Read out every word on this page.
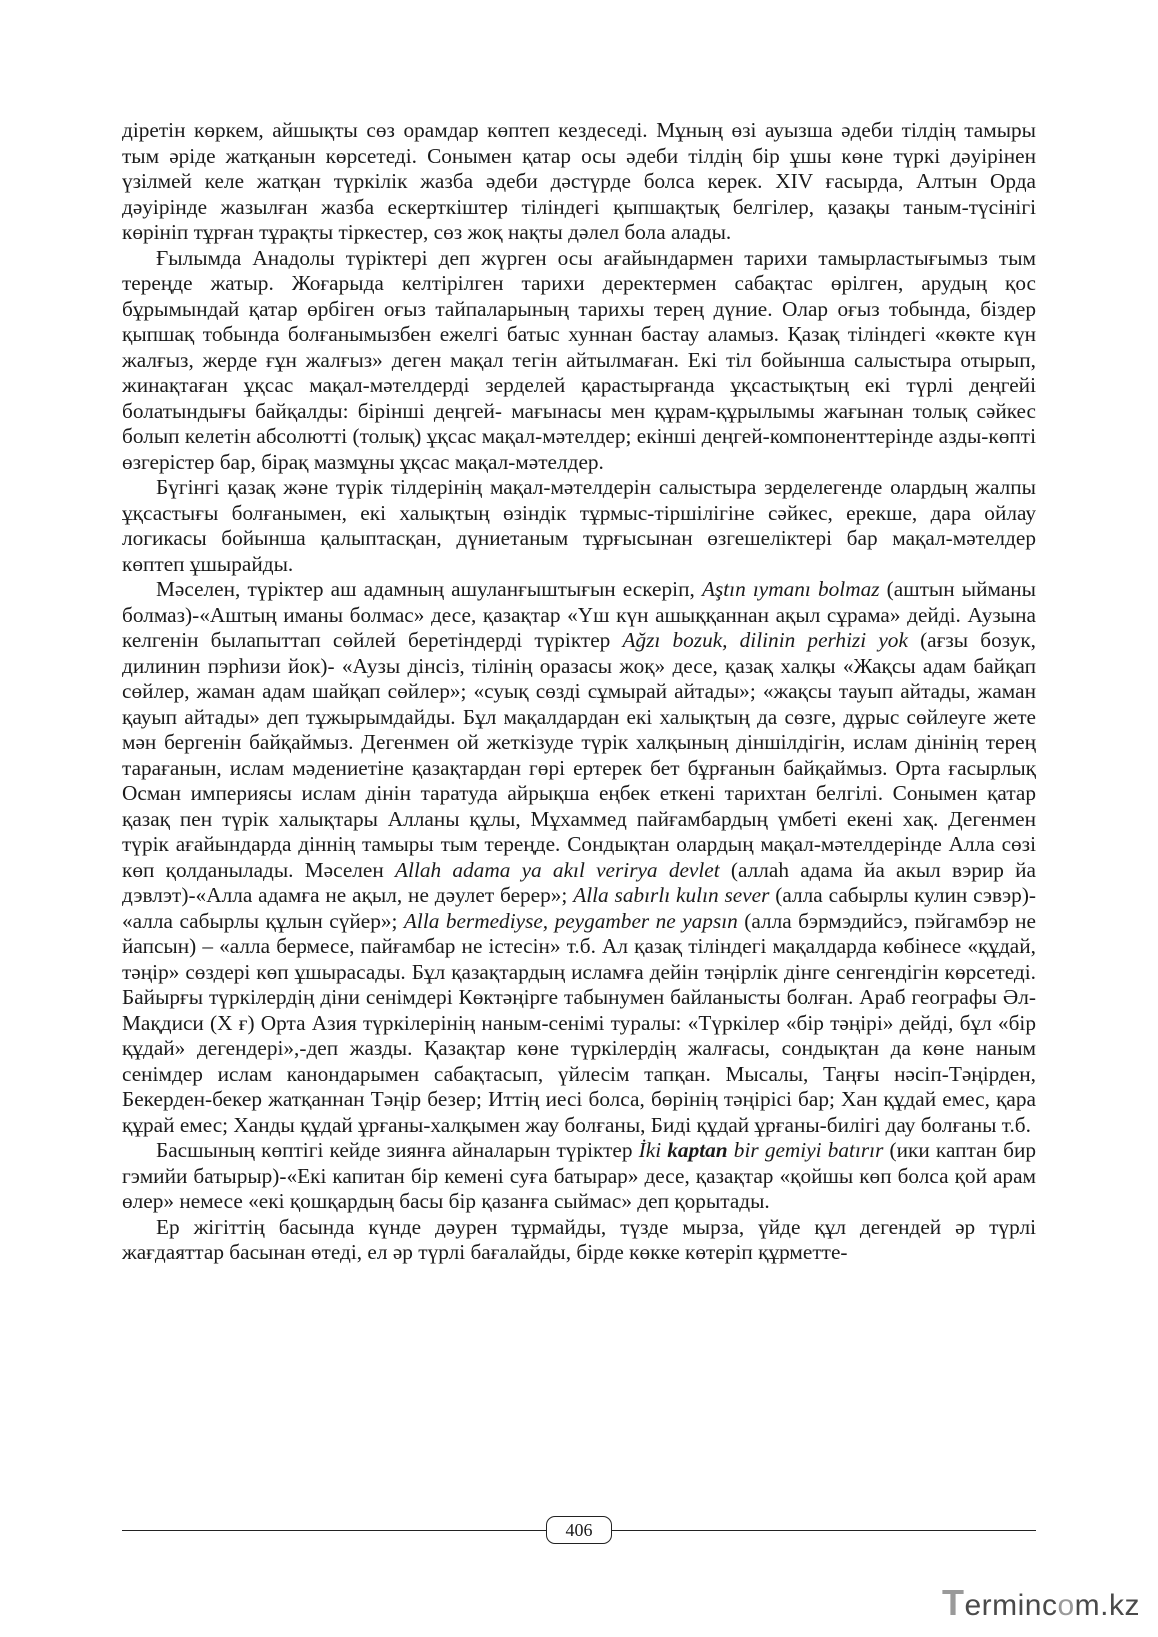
діретін көркем, айшықты сөз орамдар көптеп кездеседі. Мұның өзі ауызша әдеби тілдің тамыры тым әріде жатқанын көрсетеді. Сонымен қатар осы әдеби тілдің бір ұшы көне түркі дәуірінен үзілмей келе жатқан түркілік жазба әдеби дәстүрде болса керек. XIV ғасырда, Алтын Орда дәуірінде жазылған жазба ескерткіштер тіліндегі қыпшақтық белгілер, қазақы таным-түсінігі көрініп тұрған тұрақты тіркестер, сөз жоқ нақты дәлел бола алады.

Ғылымда Анадолы түріктері деп жүрген осы ағайындармен тарихи тамырластығымыз тым тереңде жатыр. Жоғарыда келтірілген тарихи деректермен сабақтас өрілген, арудың қос бұрымындай қатар өрбіген оғыз тайпаларының тарихы терең дүние. Олар оғыз тобында, біздер қыпшақ тобында болғанымызбен ежелгі батыс хуннан бастау аламыз. Қазақ тіліндегі «көкте күн жалғыз, жерде ғұн жалғыз» деген мақал тегін айтылмаған. Екі тіл бойынша салыстыра отырып, жинақтаған ұқсас мақал-мәтелдерді зерделей қарастырғанда ұқсастықтың екі түрлі деңгейі болатындығы байқалды: бірінші деңгей- мағынасы мен құрам-құрылымы жағынан толық сәйкес болып келетін абсолютті (толық) ұқсас мақал-мәтелдер; екінші деңгей-компоненттерінде азды-көпті өзгерістер бар, бірақ мазмұны ұқсас мақал-мәтелдер.

Бүгінгі қазақ және түрік тілдерінің мақал-мәтелдерін салыстыра зерделегенде олардың жалпы ұқсастығы болғанымен, екі халықтың өзіндік тұрмыс-тіршілігіне сәйкес, ерекше, дара ойлау логикасы бойынша қалыптасқан, дүниетаным тұрғысынан өзгешеліктері бар мақал-мәтелдер көптеп ұшырайды.

Мәселен, түріктер аш адамның ашуланғыштығын ескеріп, Aştın ıymanı bolmaz (аштын ыйманы болмаз)-«Аштың иманы болмас» десе, қазақтар «Үш күн ашыққаннан ақыл сұрама» дейді. Аузына келгенін былапыттап сөйлей беретіндерді түріктер Ağzı bozuk, dilinin perhizi yok (ағзы бозук, дилинин пэрһизи йок)- «Аузы дінсіз, тілінің оразасы жоқ» десе, қазақ халқы «Жақсы адам байқап сөйлер, жаман адам шайқап сөйлер»; «суық сөзді сұмырай айтады»; «жақсы тауып айтады, жаман қауып айтады» деп тұжырымдайды. Бұл мақалдардан екі халықтың да сөзге, дұрыс сөйлеуге жете мән бергенін байқаймыз. Дегенмен ой жеткізуде түрік халқының діншілдігін, ислам дінінің терең тарағанын, ислам мәдениетіне қазақтардан гөрі ертерек бет бұрғанын байқаймыз. Орта ғасырлық Осман империясы ислам дінін таратуда айрықша еңбек еткені тарихтан белгілі. Сонымен қатар қазақ пен түрік халықтары Алланы құлы, Мұхаммед пайғамбардың үмбеті екені хақ. Дегенмен түрік ағайындарда діннің тамыры тым тереңде. Сондықтан олардың мақал-мәтелдерінде Алла сөзі көп қолданылады. Мәселен Allah adama ya akıl verirya devlet (аллаһ адама йа акыл вэрир йа дэвлэт)-«Алла адамға не ақыл, не дәулет берер»; Alla sabırlı kulın sever (алла сабырлы кулин сэвэр)- «алла сабырлы құлын сүйер»; Alla bermediyse, peygamber ne yapsın (алла бэрмэдийсэ, пэйгамбэр не йапсын) – «алла бермесе, пайғамбар не істесін» т.б. Ал қазақ тіліндегі мақалдарда көбінесе «құдай, тәңір» сөздері көп ұшырасады. Бұл қазақтардың исламға дейін тәңірлік дінге сенгендігін көрсетеді. Байырғы түркілердің діни сенімдері Көктәңірге табынумен байланысты болған. Араб географы Әл-Мақдиси (Х ғ) Орта Азия түркілерінің наным-сенімі туралы: «Түркілер «бір тәңірі» дейді, бұл «бір құдай» дегендері»,-деп жазды. Қазақтар көне түркілердің жалғасы, сондықтан да көне наным сенімдер ислам канондарымен сабақтасып, үйлесім тапқан. Мысалы, Таңғы нәсіп-Тәңірден, Бекерден-бекер жатқаннан Тәңір безер; Иттің иесі болса, бөрінің тәңірісі бар; Хан құдай емес, қара құрай емес; Ханды құдай ұрғаны-халқымен жау болғаны, Биді құдай ұрғаны-билігі дау болғаны т.б.

Басшының көптігі кейде зиянға айналарын түріктер İki kaptan bir gemiyi batırır (ики каптан бир гэмийи батырыр)-«Екі капитан бір кемені суға батырар» десе, қазақтар «қойшы көп болса қой арам өлер» немесе «екі қошқардың басы бір қазанға сыймас» деп қорытады.

Ер жігіттің басында күнде дәурен тұрмайды, түзде мырза, үйде құл дегендей әр түрлі жағдаяттар басынан өтеді, ел әр түрлі бағалайды, бірде көкке көтеріп құрметте-

406
Termincom.kz
